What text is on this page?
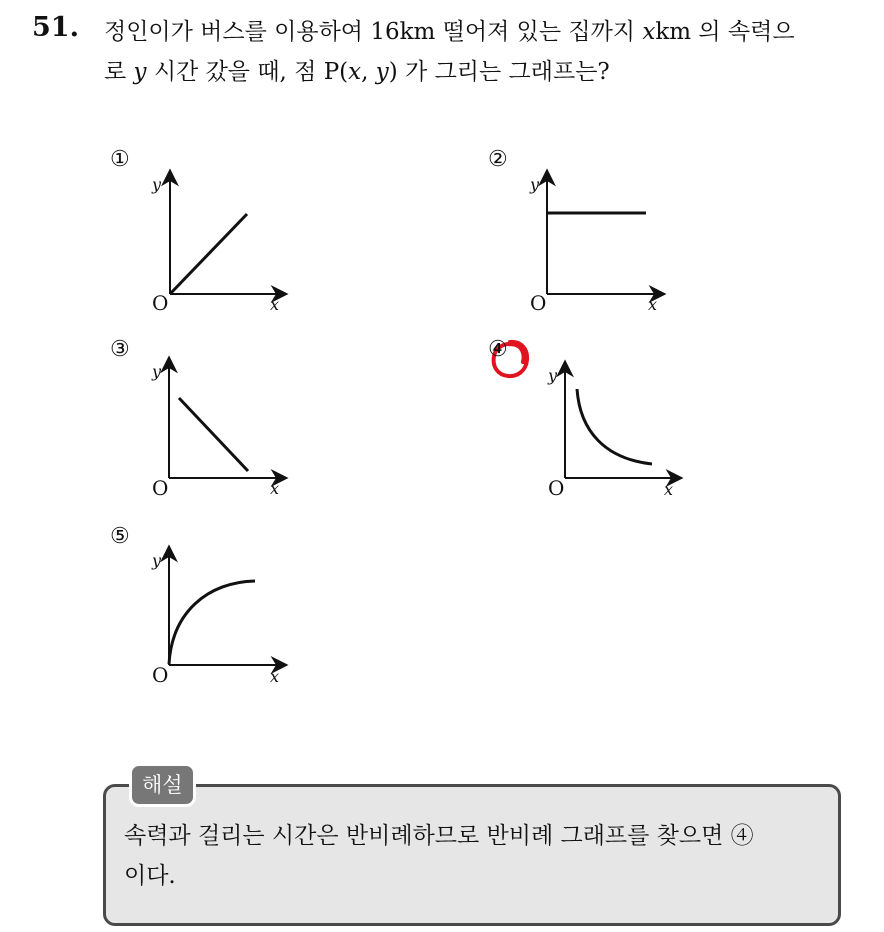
51. 정인이가 버스를 이용하여 16km 떨어져 있는 집까지 xkm 의 속력으
로 y 시간 갔을 때, 점 P(x, y) 가 그리는 그래프는?
①
y
x
O
②
y
x
O
③
y
x
O
④
y
x
O
⑤
y
x
O
해설
속력과 걸리는 시간은 반비례하므로 반비례 그래프를 찾으면 ④
이다.
